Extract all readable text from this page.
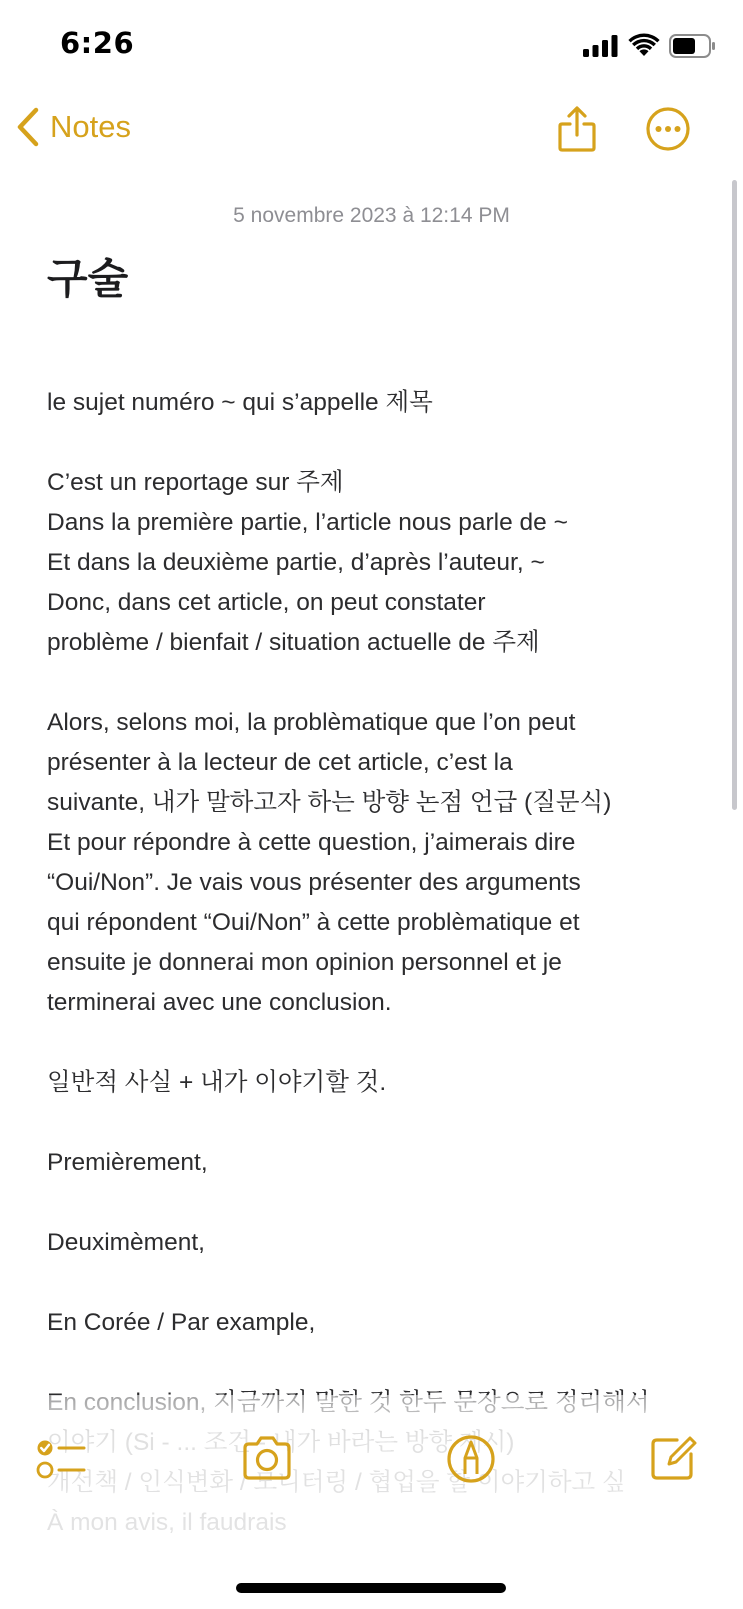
6:26
Notes
5 novembre 2023 à 12:14 PM
구술
le sujet numéro ~ qui s’appelle 제목
C’est un reportage sur 주제
Dans la première partie, l’article nous parle de ~
Et dans la deuxième partie, d’après l’auteur, ~
Donc, dans cet article, on peut constater
problème / bienfait / situation actuelle de 주제
Alors, selons moi, la problèmatique que l’on peut
présenter à la lecteur de cet article, c’est la
suivante, 내가 말하고자 하는 방향 논점 언급 (질문식)
Et pour répondre à cette question, j’aimerais dire
“Oui/Non”. Je vais vous présenter des arguments
qui répondent “Oui/Non” à cette problèmatique et
ensuite je donnerai mon opinion personnel et je
terminerai avec une conclusion.
일반적 사실 + 내가 이야기할 것.
Premièrement,
Deuximèment,
En Corée / Par example,
